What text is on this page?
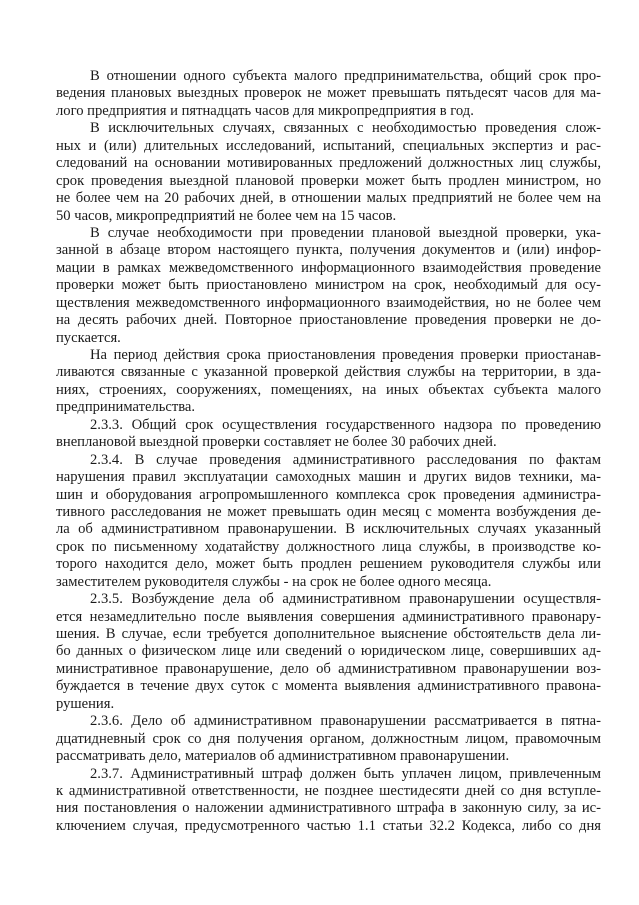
В отношении одного субъекта малого предпринимательства, общий срок про-
ведения плановых выездных проверок не может превышать пятьдесят часов для ма-
лого предприятия и пятнадцать часов для микропредприятия в год.
В исключительных случаях, связанных с необходимостью проведения слож-
ных и (или) длительных исследований, испытаний, специальных экспертиз и рас-
следований на основании мотивированных предложений должностных лиц службы,
срок проведения выездной плановой проверки может быть продлен министром, но
не более чем на 20 рабочих дней, в отношении малых предприятий не более чем на
50 часов, микропредприятий не более чем на 15 часов.
В случае необходимости при проведении плановой выездной проверки, ука-
занной в абзаце втором настоящего пункта, получения документов и (или) инфор-
мации в рамках межведомственного информационного взаимодействия проведение
проверки может быть приостановлено министром на срок, необходимый для осу-
ществления межведомственного информационного взаимодействия, но не более чем
на десять рабочих дней. Повторное приостановление проведения проверки не до-
пускается.
На период действия срока приостановления проведения проверки приостанав-
ливаются связанные с указанной проверкой действия службы на территории, в зда-
ниях, строениях, сооружениях, помещениях, на иных объектах субъекта малого
предпринимательства.
2.3.3. Общий срок осуществления государственного надзора по проведению
внеплановой выездной проверки составляет не более 30 рабочих дней.
2.3.4. В случае проведения административного расследования по фактам
нарушения правил эксплуатации самоходных машин и других видов техники, ма-
шин и оборудования агропромышленного комплекса срок проведения администра-
тивного расследования не может превышать один месяц с момента возбуждения де-
ла об административном правонарушении. В исключительных случаях указанный
срок по письменному ходатайству должностного лица службы, в производстве ко-
торого находится дело, может быть продлен решением руководителя службы или
заместителем руководителя службы - на срок не более одного месяца.
2.3.5. Возбуждение дела об административном правонарушении осуществля-
ется незамедлительно после выявления совершения административного правонару-
шения. В случае, если требуется дополнительное выяснение обстоятельств дела ли-
бо данных о физическом лице или сведений о юридическом лице, совершивших ад-
министративное правонарушение, дело об административном правонарушении воз-
буждается в течение двух суток с момента выявления административного правона-
рушения.
2.3.6. Дело об административном правонарушении рассматривается в пятна-
дцатидневный срок со дня получения органом, должностным лицом, правомочным
рассматривать дело, материалов об административном правонарушении.
2.3.7. Административный штраф должен быть уплачен лицом, привлеченным
к административной ответственности, не позднее шестидесяти дней со дня вступле-
ния постановления о наложении административного штрафа в законную силу, за ис-
ключением случая, предусмотренного частью 1.1 статьи 32.2 Кодекса, либо со дня
